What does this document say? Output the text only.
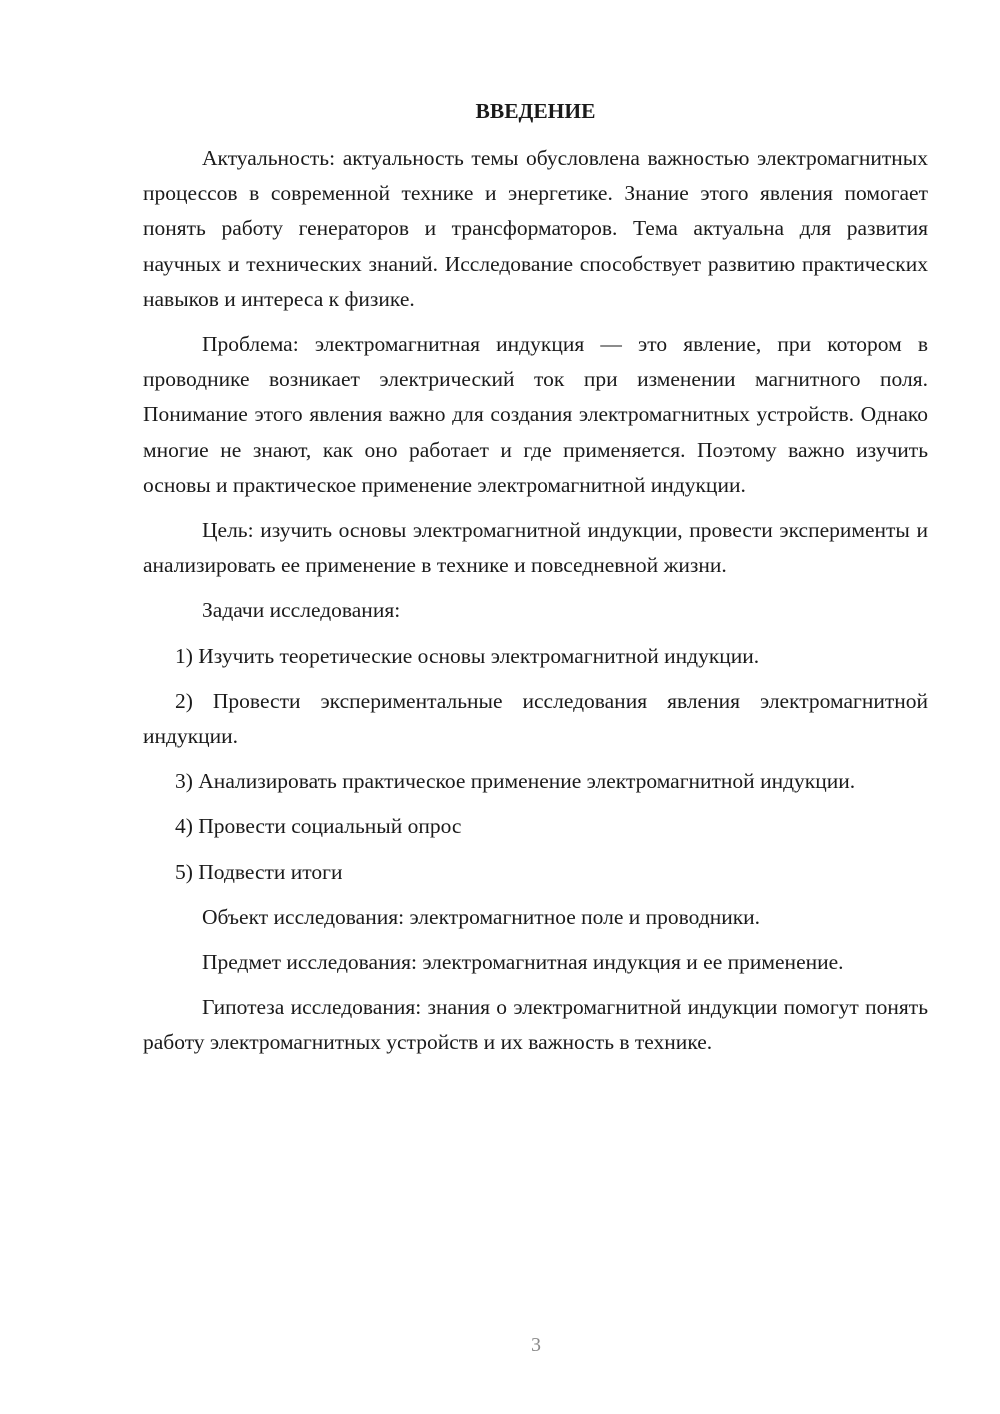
ВВЕДЕНИЕ

Актуальность: актуальность темы обусловлена важностью электромагнитных процессов в современной технике и энергетике. Знание этого явления помогает понять работу генераторов и трансформаторов. Тема актуальна для развития научных и технических знаний. Исследование способствует развитию практических навыков и интереса к физике.

Проблема: электромагнитная индукция — это явление, при котором в проводнике возникает электрический ток при изменении магнитного поля. Понимание этого явления важно для создания электромагнитных устройств. Однако многие не знают, как оно работает и где применяется. Поэтому важно изучить основы и практическое применение электромагнитной индукции.

Цель: изучить основы электромагнитной индукции, провести эксперименты и анализировать ее применение в технике и повседневной жизни.

Задачи исследования:

1) Изучить теоретические основы электромагнитной индукции.

2) Провести экспериментальные исследования явления электромагнитной индукции.

3) Анализировать практическое применение электромагнитной индукции.

4) Провести социальный опрос

5) Подвести итоги

Объект исследования: электромагнитное поле и проводники.

Предмет исследования: электромагнитная индукция и ее применение.

Гипотеза исследования: знания о электромагнитной индукции помогут понять работу электромагнитных устройств и их важность в технике.

3
